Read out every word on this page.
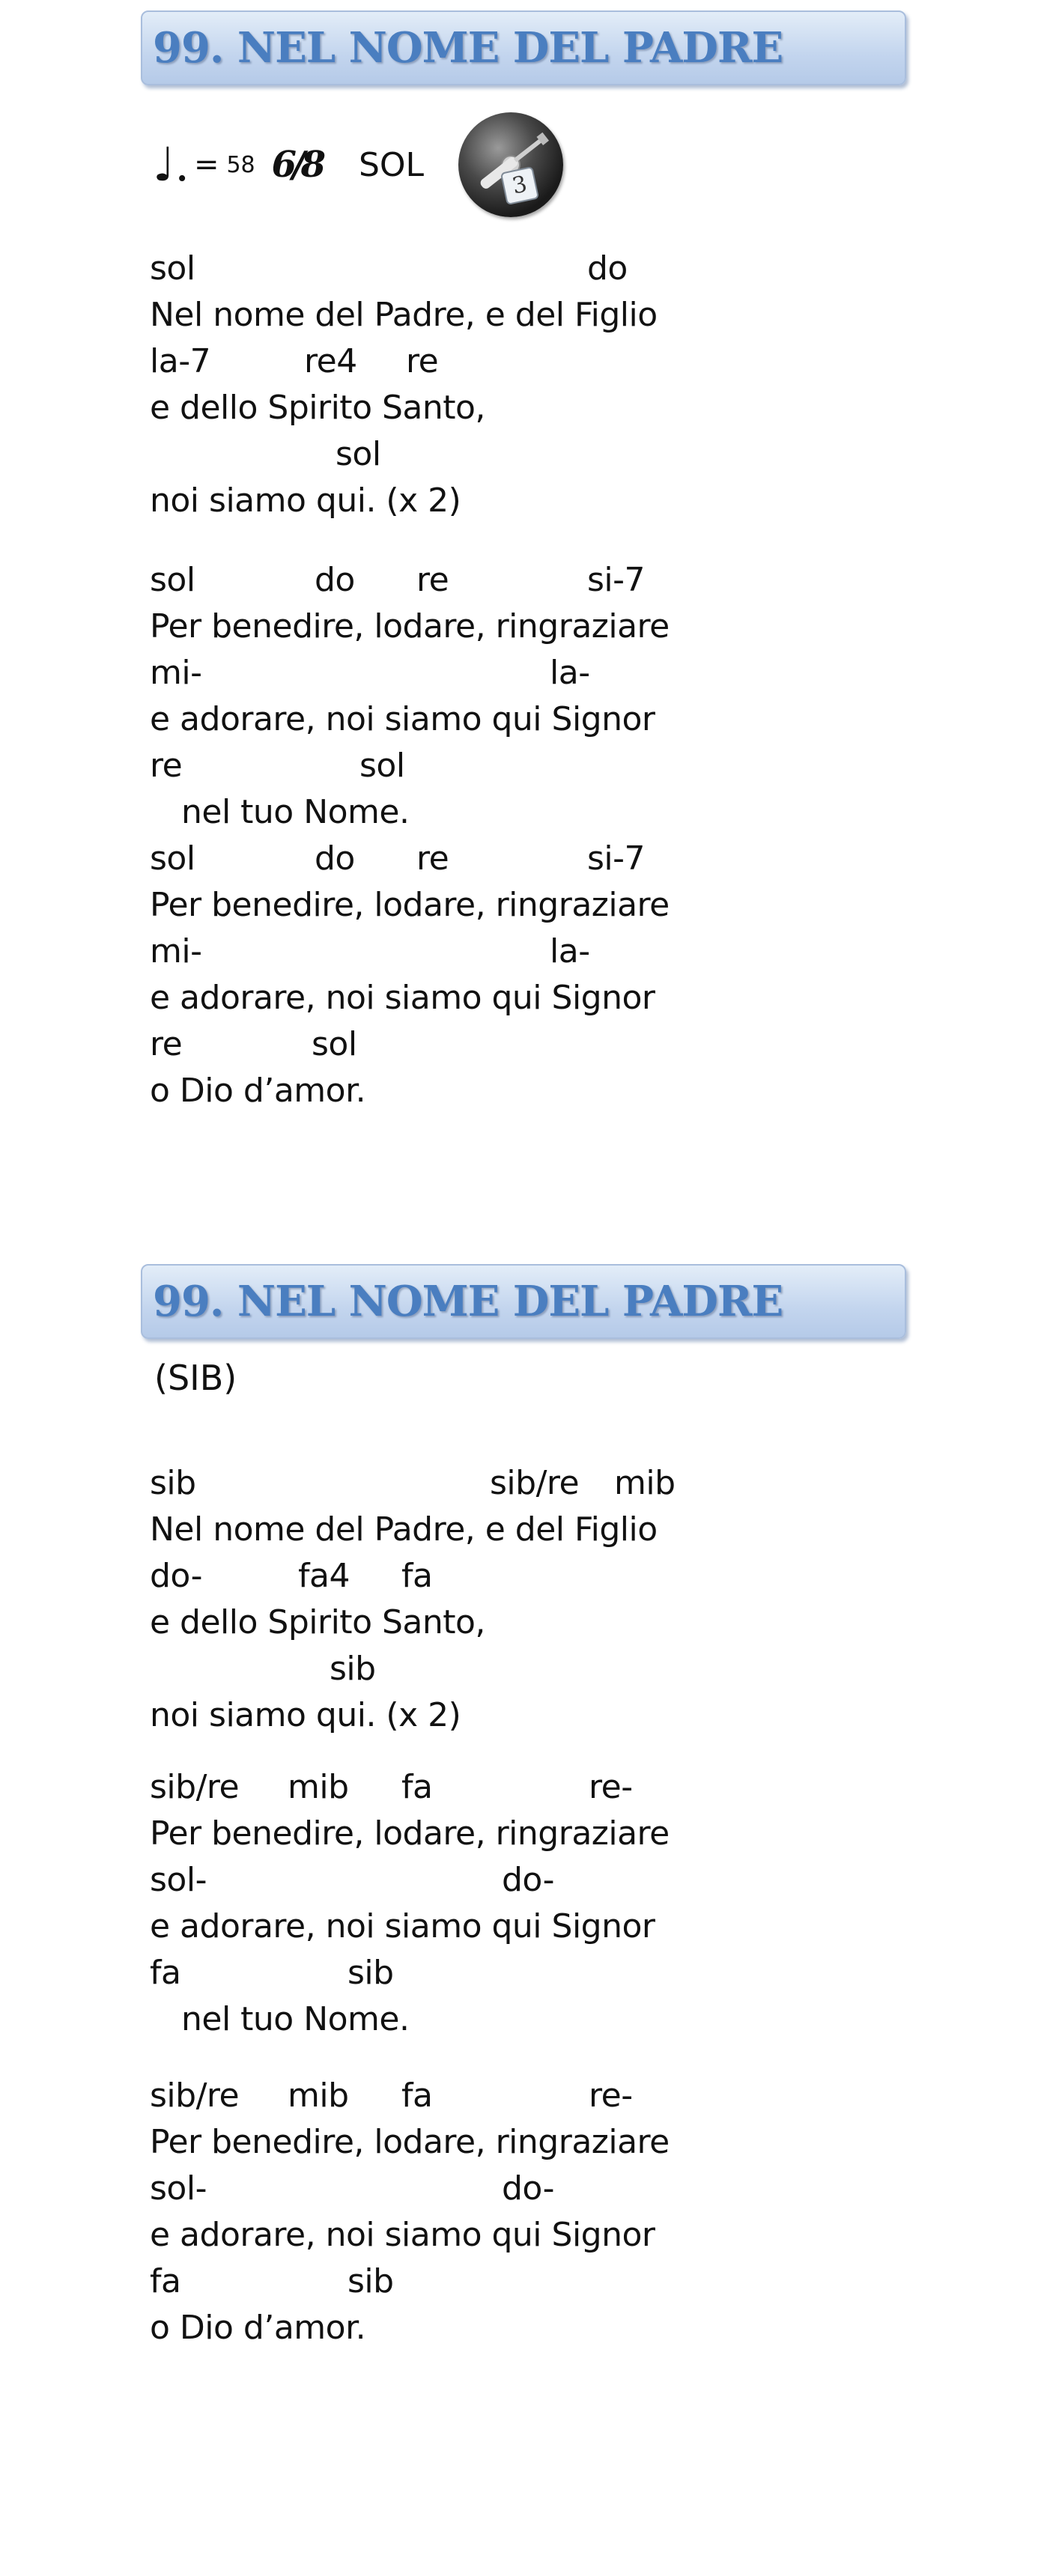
99. NEL NOME DEL PADRE
♩. = 58 6/8 SOL
3
sol	do
Nel nome del Padre, e del Figlio
la-7	re4 re
e dello Spirito Santo,
sol
noi siamo qui. (x 2)
sol	do re	si-7
Per benedire, lodare, ringraziare
mi-	la-
e adorare, noi siamo qui Signor
re	sol
nel tuo Nome.
sol	do re	si-7
Per benedire, lodare, ringraziare
mi-	la-
e adorare, noi siamo qui Signor
re	sol
o Dio d’amor.
99. NEL NOME DEL PADRE
(SIB)
sib	sib/re mib
Nel nome del Padre, e del Figlio
do-	fa4 fa
e dello Spirito Santo,
sib
noi siamo qui. (x 2)
sib/re mib fa	re-
Per benedire, lodare, ringraziare
sol-	do-
e adorare, noi siamo qui Signor
fa	sib
nel tuo Nome.
sib/re mib fa	re-
Per benedire, lodare, ringraziare
sol-	do-
e adorare, noi siamo qui Signor
fa	sib
o Dio d’amor.
